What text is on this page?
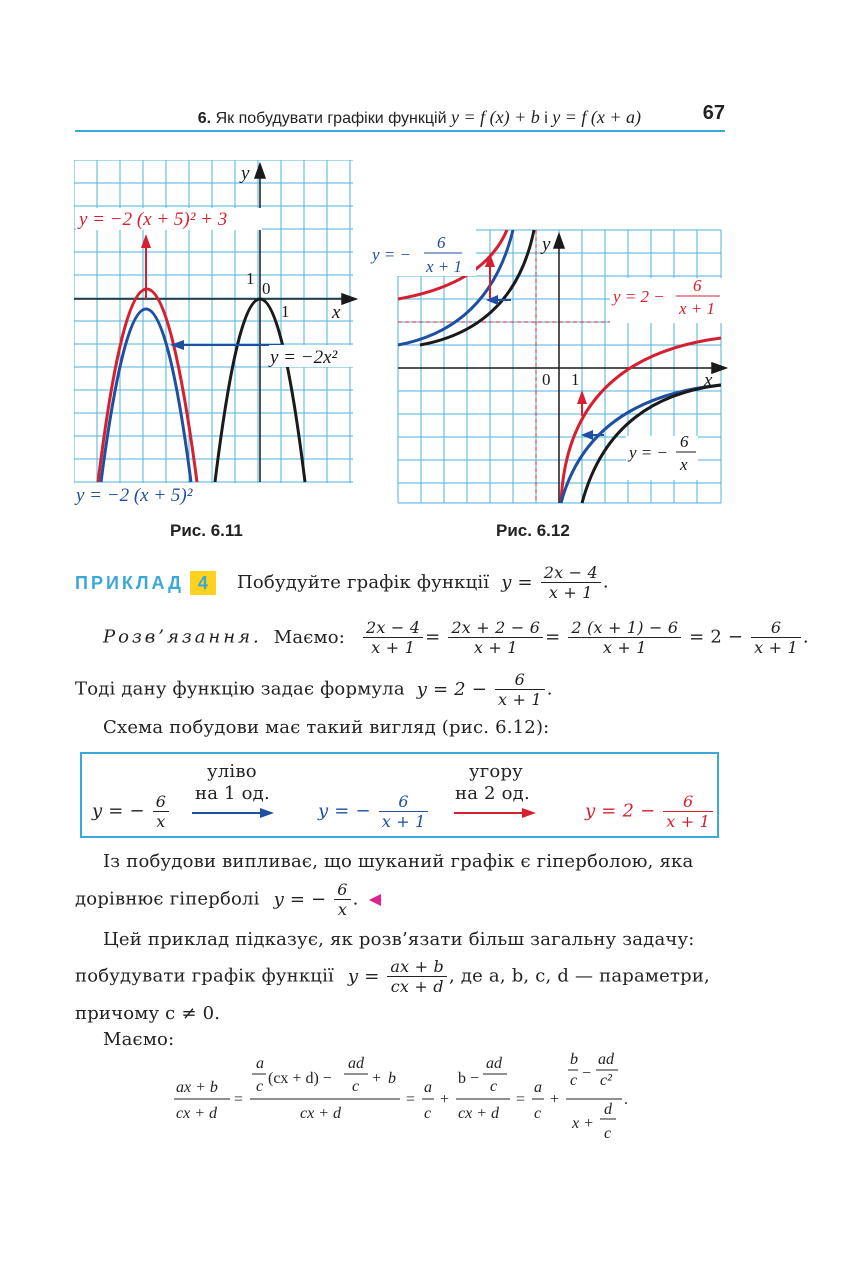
6. Як побудувати графіки функцій y = f (x) + b і y = f (x + a)	67
y = −2 (x + 5)² + 3
y
x
0
1
1
y = −2x²
y = −2 (x + 5)²
Рис. 6.11
y
x
0 1
y = −
6
x + 1
y = 2 −
6
x + 1
y = −
6
x
Рис. 6.12
ПРИКЛАД 4	Побудуйте графік функції $y = \frac{2x - 4}{x + 1}$ .
Розв’язання. Маємо: $\frac{2x - 4}{x + 1} = \frac{2x + 2 - 6}{x + 1} = \frac{2 (x + 1) - 6}{x + 1} = 2 - \frac{6}{x + 1}$ .
Тоді дану функцію задає формула $y = 2 - \frac{6}{x + 1}$ .
Схема побудови має такий вигляд (рис. 6.12):
y = − $\frac{6}{x}$
уліво
на 1 од.
y = − $\frac{6}{x + 1}$
угору
на 2 од.
$y = 2 - \frac{6}{x + 1}$
Із побудови випливає, що шуканий графік є гіперболою, яка
дорівнює гіперболі y = − $\frac{6}{x}$ .
Цей приклад підказує, як розв’язати більш загальну задачу:
побудувати графік функції $y = \frac{ax + b}{cx + d}$ , де a, b, c, d — параметри,
причому c ≠ 0.
Маємо:
ax + b
cx + d
=
a
c (cx + d) −
ad
c + b
cx + d
=
a
c
+
b −
ad
c
cx + d
=
a
c
+
b
c −
ad
c²
x +
d
c
.
